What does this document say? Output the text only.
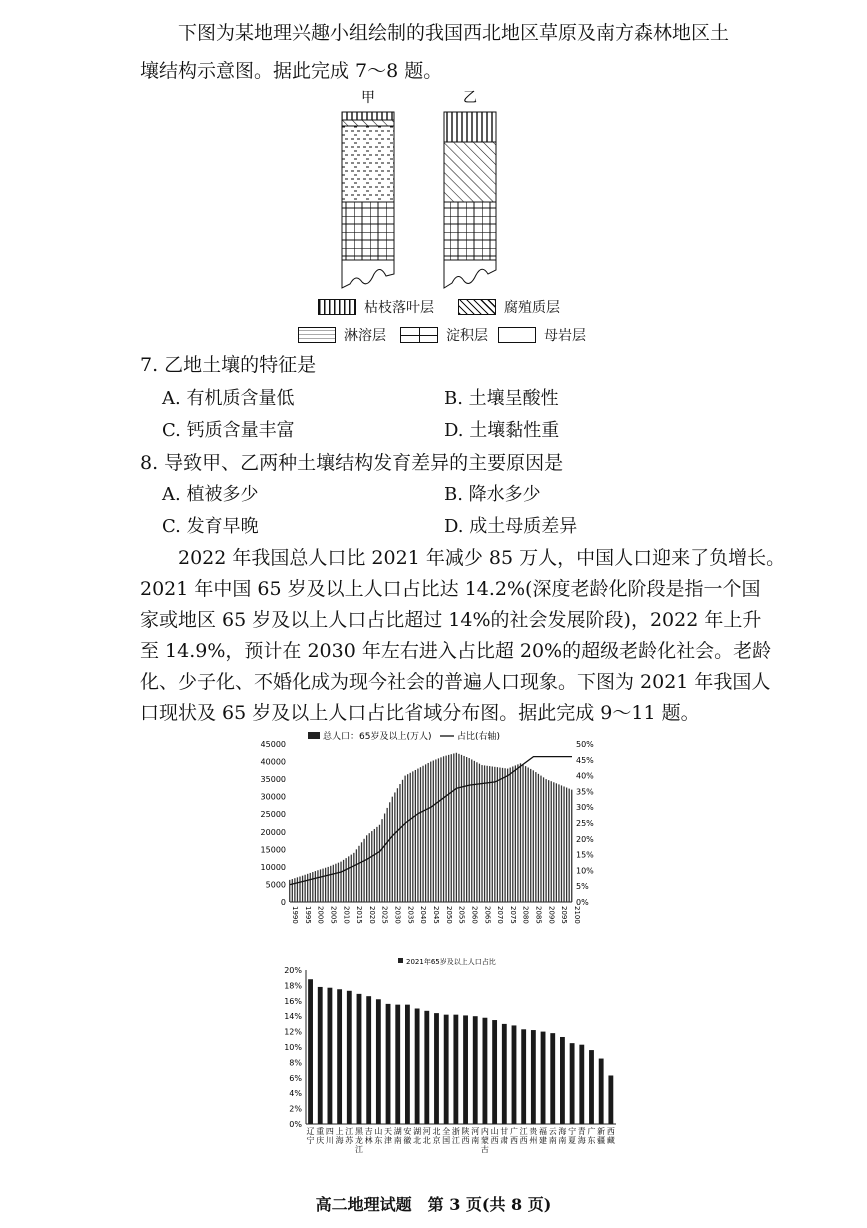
下图为某地理兴趣小组绘制的我国西北地区草原及南方森林地区土
壤结构示意图。据此完成 7～8 题。
甲	乙
枯枝落叶层	腐殖质层
淋溶层	淀积层	母岩层
7. 乙地土壤的特征是
A. 有机质含量低	B. 土壤呈酸性
C. 钙质含量丰富	D. 土壤黏性重
8. 导致甲、乙两种土壤结构发育差异的主要原因是
A. 植被多少	B. 降水多少
C. 发育早晚	D. 成土母质差异
2022 年我国总人口比 2021 年减少 85 万人，中国人口迎来了负增长。
2021 年中国 65 岁及以上人口占比达 14.2%(深度老龄化阶段是指一个国
家或地区 65 岁及以上人口占比超过 14%的社会发展阶段)，2022 年上升
至 14.9%，预计在 2030 年左右进入占比超 20%的超级老龄化社会。老龄
化、少子化、不婚化成为现今社会的普遍人口现象。下图为 2021 年我国人
口现状及 65 岁及以上人口占比省域分布图。据此完成 9～11 题。
总人口：65岁及以上(万人)	占比(右轴)
45000
40000
35000
30000
25000
20000
15000
10000
5000
0
50%
45%
40%
35%
30%
25%
20%
15%
10%
5%
0%
1990 1995 2000 2005 2010 2015 2020 2025 2030 2035 2040 2045 2050 2055 2060 2065 2070 2075 2080 2085 2090 2095 2100
2021年65岁及以上人口占比
20%
18%
16%
14%
12%
10%
8%
6%
4%
2%
0%
辽
宁
重
庆
四
川
上
海
江
苏
黑
龙
江
吉
林
山
东
天
津
湖
南
安
徽
湖
北
河
北
北
京
全
国
浙
江
陕
西
河
南
内
蒙
古
山
西
甘
肃
广
西
江
西
贵
州
福
建
云
南
海
南
宁
夏
青
海
广
东
新
疆
西
藏
高二地理试题　第 3 页(共 8 页)
